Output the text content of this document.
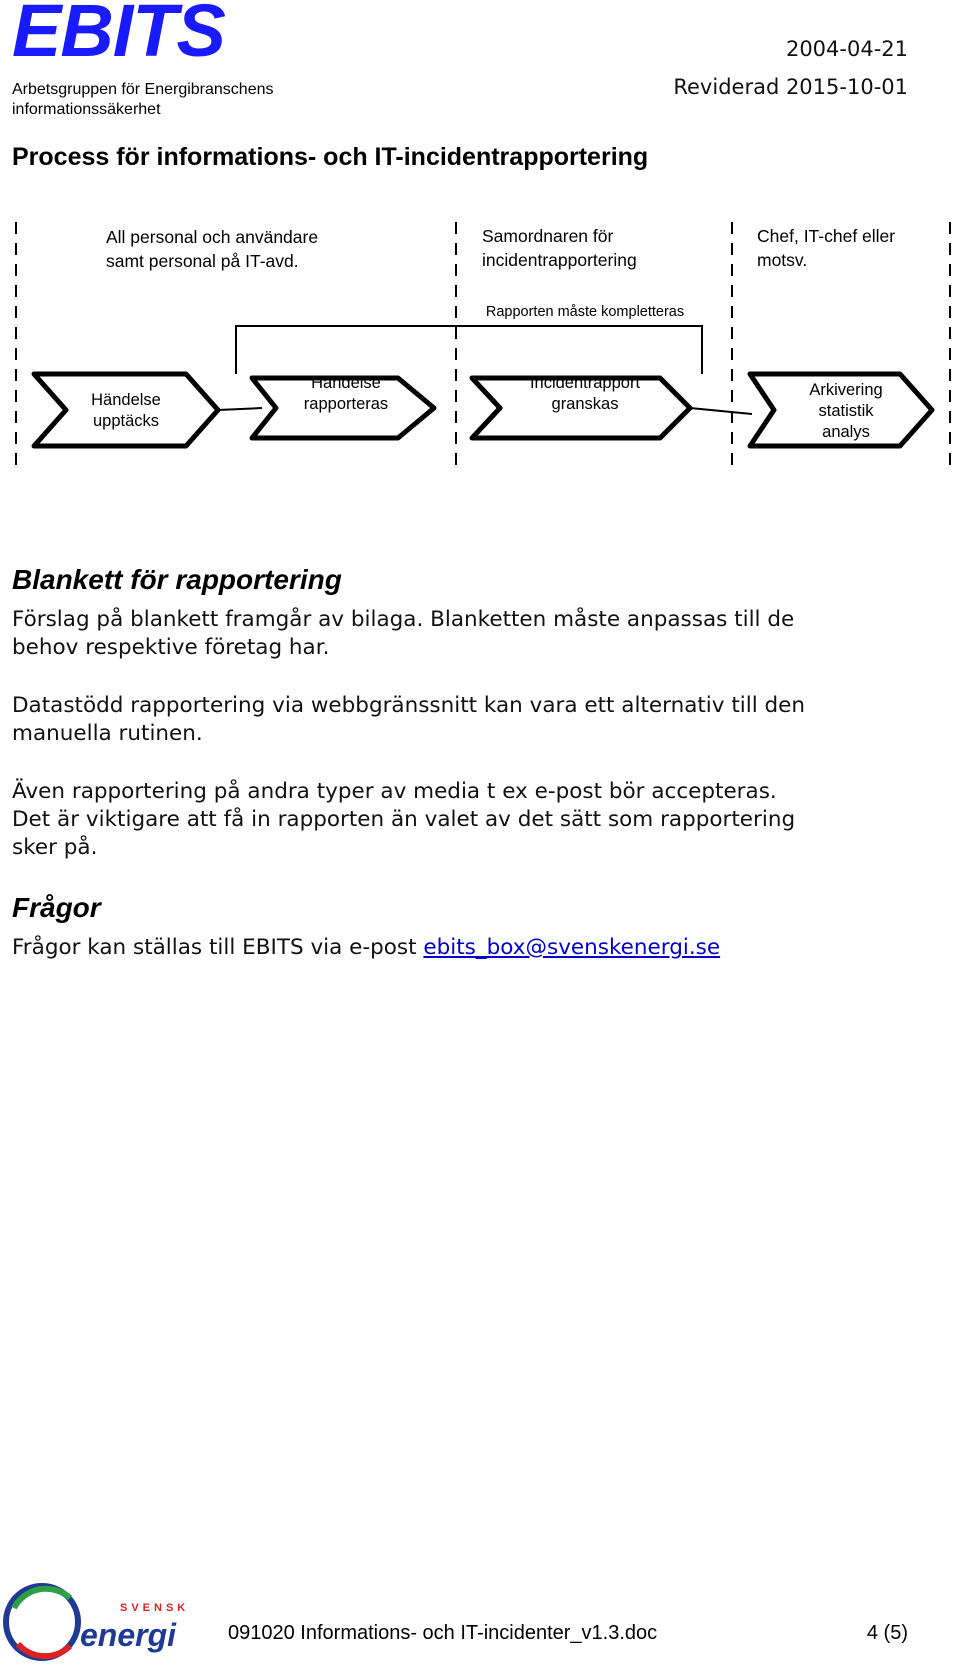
EBITS
Arbetsgruppen för Energibranschens
informationssäkerhet
2004-04-21
Reviderad 2015-10-01
Process för informations- och IT-incidentrapportering
All personal och användare
samt personal på IT-avd.
Samordnaren för
incidentrapportering
Chef, IT-chef eller
motsv.
Rapporten måste kompletteras
Händelse
upptäcks
Händelse
rapporteras
Incidentrapport
granskas
Arkivering
statistik
analys
Blankett för rapportering
Förslag på blankett framgår av bilaga. Blanketten måste anpassas till de
behov respektive företag har.
Datastödd rapportering via webbgränssnitt kan vara ett alternativ till den
manuella rutinen.
Även rapportering på andra typer av media t ex e-post bör accepteras.
Det är viktigare att få in rapporten än valet av det sätt som rapportering
sker på.
Frågor
Frågor kan ställas till EBITS via e-post ebits_box@svenskenergi.se
SVENSK
energi	091020 Informations- och IT-incidenter_v1.3.doc	4 (5)
